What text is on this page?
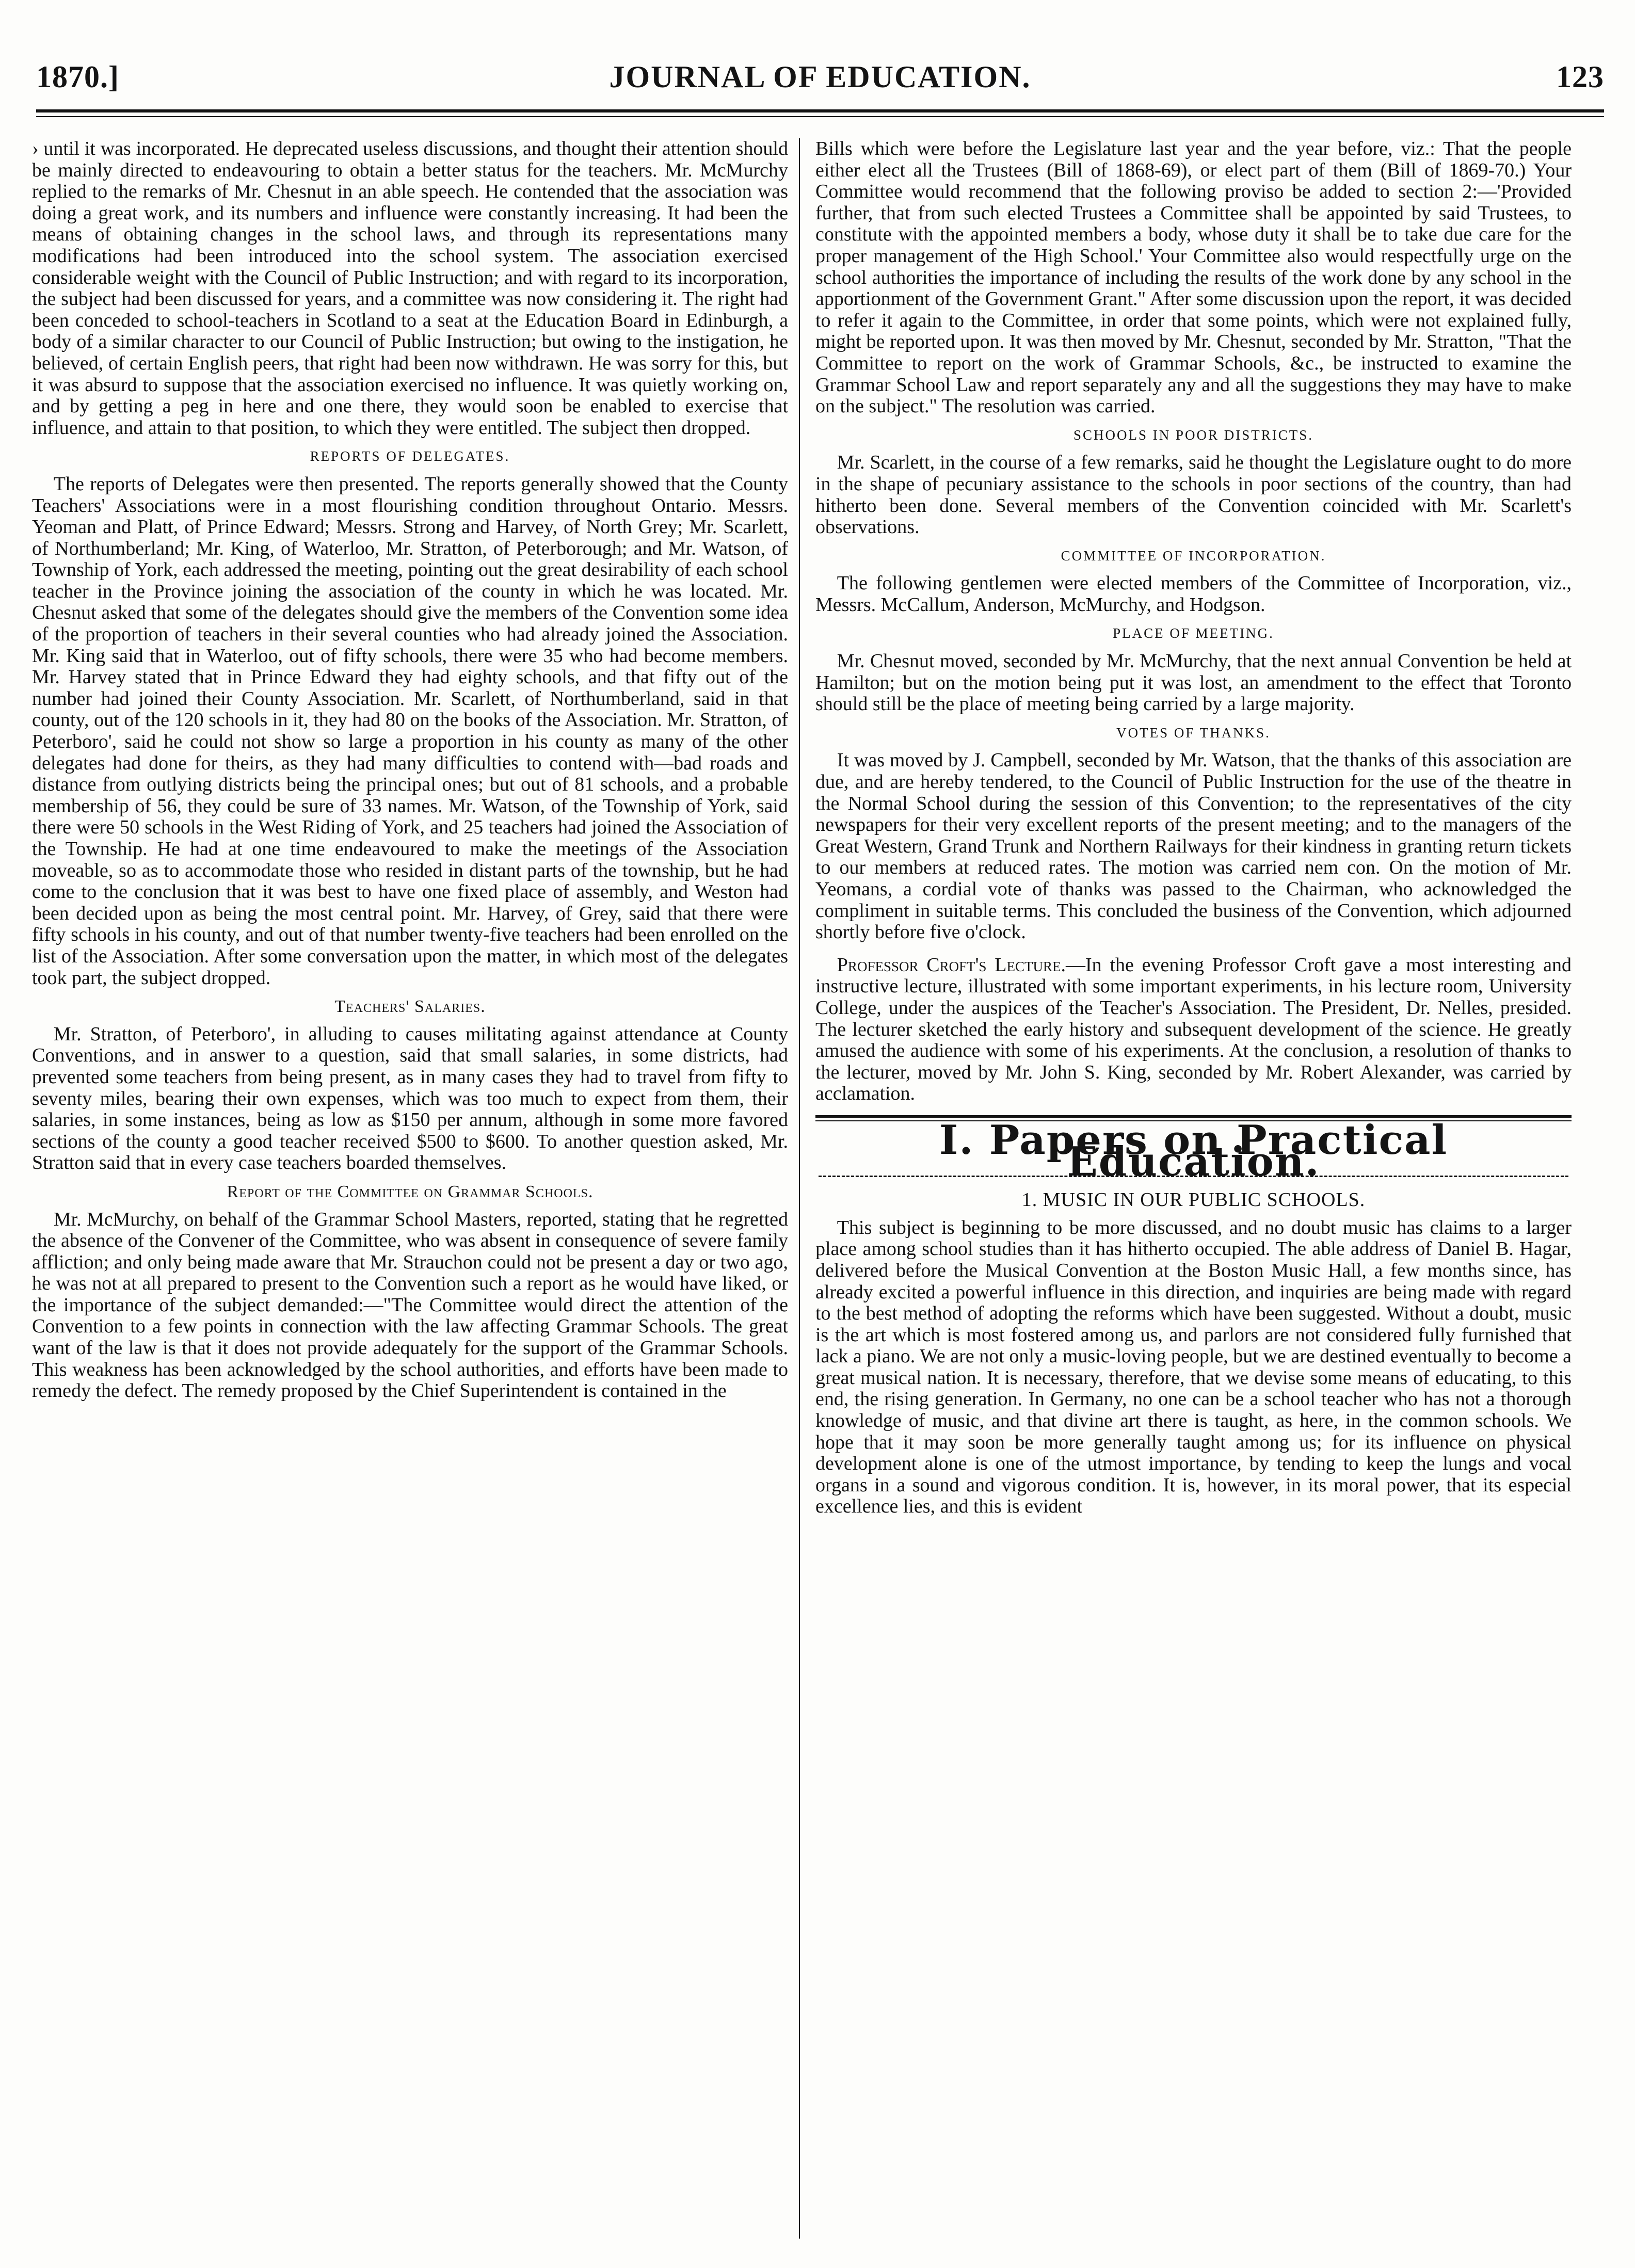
1870.]	JOURNAL OF EDUCATION.	123

› until it was incorporated. He deprecated useless discussions, and thought their attention should be mainly directed to endeavouring to obtain a better status for the teachers. Mr. McMurchy replied to the remarks of Mr. Chesnut in an able speech. He contended that the association was doing a great work, and its numbers and influence were constantly increasing. It had been the means of obtaining changes in the school laws, and through its representations many modifications had been introduced into the school system. The association exercised considerable weight with the Council of Public Instruction; and with regard to its incorporation, the subject had been discussed for years, and a committee was now considering it. The right had been conceded to school-teachers in Scotland to a seat at the Education Board in Edinburgh, a body of a similar character to our Council of Public Instruction; but owing to the instigation, he believed, of certain English peers, that right had been now withdrawn. He was sorry for this, but it was absurd to suppose that the association exercised no influence. It was quietly working on, and by getting a peg in here and one there, they would soon be enabled to exercise that influence, and attain to that position, to which they were entitled. The subject then dropped.

REPORTS OF DELEGATES.

The reports of Delegates were then presented. The reports generally showed that the County Teachers' Associations were in a most flourishing condition throughout Ontario. Messrs. Yeoman and Platt, of Prince Edward; Messrs. Strong and Harvey, of North Grey; Mr. Scarlett, of Northumberland; Mr. King, of Waterloo, Mr. Stratton, of Peterborough; and Mr. Watson, of Township of York, each addressed the meeting, pointing out the great desirability of each school teacher in the Province joining the association of the county in which he was located. Mr. Chesnut asked that some of the delegates should give the members of the Convention some idea of the proportion of teachers in their several counties who had already joined the Association. Mr. King said that in Waterloo, out of fifty schools, there were 35 who had become members. Mr. Harvey stated that in Prince Edward they had eighty schools, and that fifty out of the number had joined their County Association. Mr. Scarlett, of Northumberland, said in that county, out of the 120 schools in it, they had 80 on the books of the Association. Mr. Stratton, of Peterboro', said he could not show so large a proportion in his county as many of the other delegates had done for theirs, as they had many difficulties to contend with—bad roads and distance from outlying districts being the principal ones; but out of 81 schools, and a probable membership of 56, they could be sure of 33 names. Mr. Watson, of the Township of York, said there were 50 schools in the West Riding of York, and 25 teachers had joined the Association of the Township. He had at one time endeavoured to make the meetings of the Association moveable, so as to accommodate those who resided in distant parts of the township, but he had come to the conclusion that it was best to have one fixed place of assembly, and Weston had been decided upon as being the most central point. Mr. Harvey, of Grey, said that there were fifty schools in his county, and out of that number twenty-five teachers had been enrolled on the list of the Association. After some conversation upon the matter, in which most of the delegates took part, the subject dropped.

Teachers' Salaries.

Mr. Stratton, of Peterboro', in alluding to causes militating against attendance at County Conventions, and in answer to a question, said that small salaries, in some districts, had prevented some teachers from being present, as in many cases they had to travel from fifty to seventy miles, bearing their own expenses, which was too much to expect from them, their salaries, in some instances, being as low as $150 per annum, although in some more favored sections of the county a good teacher received $500 to $600. To another question asked, Mr. Stratton said that in every case teachers boarded themselves.

Report of the Committee on Grammar Schools.

Mr. McMurchy, on behalf of the Grammar School Masters, reported, stating that he regretted the absence of the Convener of the Committee, who was absent in consequence of severe family affliction; and only being made aware that Mr. Strauchon could not be present a day or two ago, he was not at all prepared to present to the Convention such a report as he would have liked, or the importance of the subject demanded:—"The Committee would direct the attention of the Convention to a few points in connection with the law affecting Grammar Schools. The great want of the law is that it does not provide adequately for the support of the Grammar Schools. This weakness has been acknowledged by the school authorities, and efforts have been made to remedy the defect. The remedy proposed by the Chief Superintendent is contained in the

Bills which were before the Legislature last year and the year before, viz.: That the people either elect all the Trustees (Bill of 1868-69), or elect part of them (Bill of 1869-70.) Your Committee would recommend that the following proviso be added to section 2:—'Provided further, that from such elected Trustees a Committee shall be appointed by said Trustees, to constitute with the appointed members a body, whose duty it shall be to take due care for the proper management of the High School.' Your Committee also would respectfully urge on the school authorities the importance of including the results of the work done by any school in the apportionment of the Government Grant." After some discussion upon the report, it was decided to refer it again to the Committee, in order that some points, which were not explained fully, might be reported upon. It was then moved by Mr. Chesnut, seconded by Mr. Stratton, "That the Committee to report on the work of Grammar Schools, &c., be instructed to examine the Grammar School Law and report separately any and all the suggestions they may have to make on the subject." The resolution was carried.

SCHOOLS IN POOR DISTRICTS.

Mr. Scarlett, in the course of a few remarks, said he thought the Legislature ought to do more in the shape of pecuniary assistance to the schools in poor sections of the country, than had hitherto been done. Several members of the Convention coincided with Mr. Scarlett's observations.

COMMITTEE OF INCORPORATION.

The following gentlemen were elected members of the Committee of Incorporation, viz., Messrs. McCallum, Anderson, McMurchy, and Hodgson.

PLACE OF MEETING.

Mr. Chesnut moved, seconded by Mr. McMurchy, that the next annual Convention be held at Hamilton; but on the motion being put it was lost, an amendment to the effect that Toronto should still be the place of meeting being carried by a large majority.

VOTES OF THANKS.

It was moved by J. Campbell, seconded by Mr. Watson, that the thanks of this association are due, and are hereby tendered, to the Council of Public Instruction for the use of the theatre in the Normal School during the session of this Convention; to the representatives of the city newspapers for their very excellent reports of the present meeting; and to the managers of the Great Western, Grand Trunk and Northern Railways for their kindness in granting return tickets to our members at reduced rates. The motion was carried nem con. On the motion of Mr. Yeomans, a cordial vote of thanks was passed to the Chairman, who acknowledged the compliment in suitable terms. This concluded the business of the Convention, which adjourned shortly before five o'clock.

Professor Croft's Lecture.—In the evening Professor Croft gave a most interesting and instructive lecture, illustrated with some important experiments, in his lecture room, University College, under the auspices of the Teacher's Association. The President, Dr. Nelles, presided. The lecturer sketched the early history and subsequent development of the science. He greatly amused the audience with some of his experiments. At the conclusion, a resolution of thanks to the lecturer, moved by Mr. John S. King, seconded by Mr. Robert Alexander, was carried by acclamation.

I. Papers on Practical Education.
1. MUSIC IN OUR PUBLIC SCHOOLS.

This subject is beginning to be more discussed, and no doubt music has claims to a larger place among school studies than it has hitherto occupied. The able address of Daniel B. Hagar, delivered before the Musical Convention at the Boston Music Hall, a few months since, has already excited a powerful influence in this direction, and inquiries are being made with regard to the best method of adopting the reforms which have been suggested. Without a doubt, music is the art which is most fostered among us, and parlors are not considered fully furnished that lack a piano. We are not only a music-loving people, but we are destined eventually to become a great musical nation. It is necessary, therefore, that we devise some means of educating, to this end, the rising generation. In Germany, no one can be a school teacher who has not a thorough knowledge of music, and that divine art there is taught, as here, in the common schools. We hope that it may soon be more generally taught among us; for its influence on physical development alone is one of the utmost importance, by tending to keep the lungs and vocal organs in a sound and vigorous condition. It is, however, in its moral power, that its especial excellence lies, and this is evident
